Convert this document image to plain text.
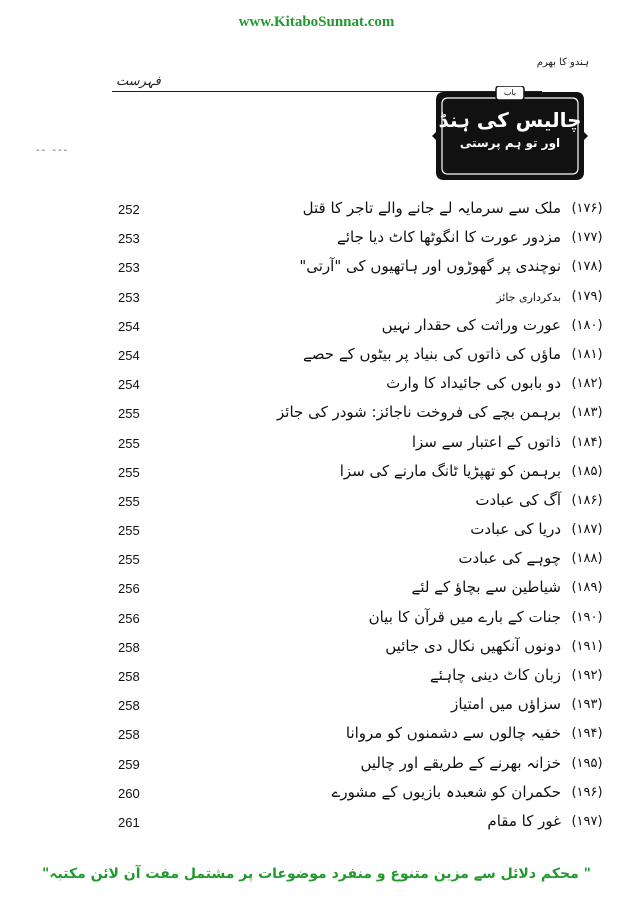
www.KitaboSunnat.com
ہندو کا بھرم
فہرست
-- ---
باب
چالیس کی ہنڈ
اور تو ہم پرستی
252	ملک سے سرمایہ لے جانے والے تاجر کا قتل (۱۷۶)
253	مزدور عورت کا انگوٹھا کاٹ دیا جائے (۱۷۷)
253	نوچندی پر گھوڑوں اور ہاتھیوں کی "آرتی" (۱۷۸)
253	بدکرداری جائز (۱۷۹)
254	عورت وراثت کی حقدار نہیں (۱۸۰)
254	ماؤں کی ذاتوں کی بنیاد پر بیٹوں کے حصے (۱۸۱)
254	دو بابوں کی جائیداد کا وارث (۱۸۲)
255	برہمن بچے کی فروخت ناجائز: شودر کی جائز (۱۸۳)
255	ذاتوں کے اعتبار سے سزا (۱۸۴)
255	برہمن کو تھپڑیا ٹانگ مارنے کی سزا (۱۸۵)
255	آگ کی عبادت (۱۸۶)
255	دریا کی عبادت (۱۸۷)
255	چوہے کی عبادت (۱۸۸)
256	شیاطین سے بچاؤ کے لئے (۱۸۹)
256	جنات کے بارے میں قرآن کا بیان (۱۹۰)
258	دونوں آنکھیں نکال دی جائیں (۱۹۱)
258	زبان کاٹ دینی چاہئے (۱۹۲)
258	سزاؤں میں امتیاز (۱۹۳)
258	خفیہ چالوں سے دشمنوں کو مروانا (۱۹۴)
259	خزانہ بھرنے کے طریقے اور چالیں (۱۹۵)
260	حکمران کو شعبدہ بازیوں کے مشورے (۱۹۶)
261	غور کا مقام (۱۹۷)
" محکم دلائل سے مزین متنوع و منفرد موضوعات پر مشتمل مفت آن لائن مکتبہ"
